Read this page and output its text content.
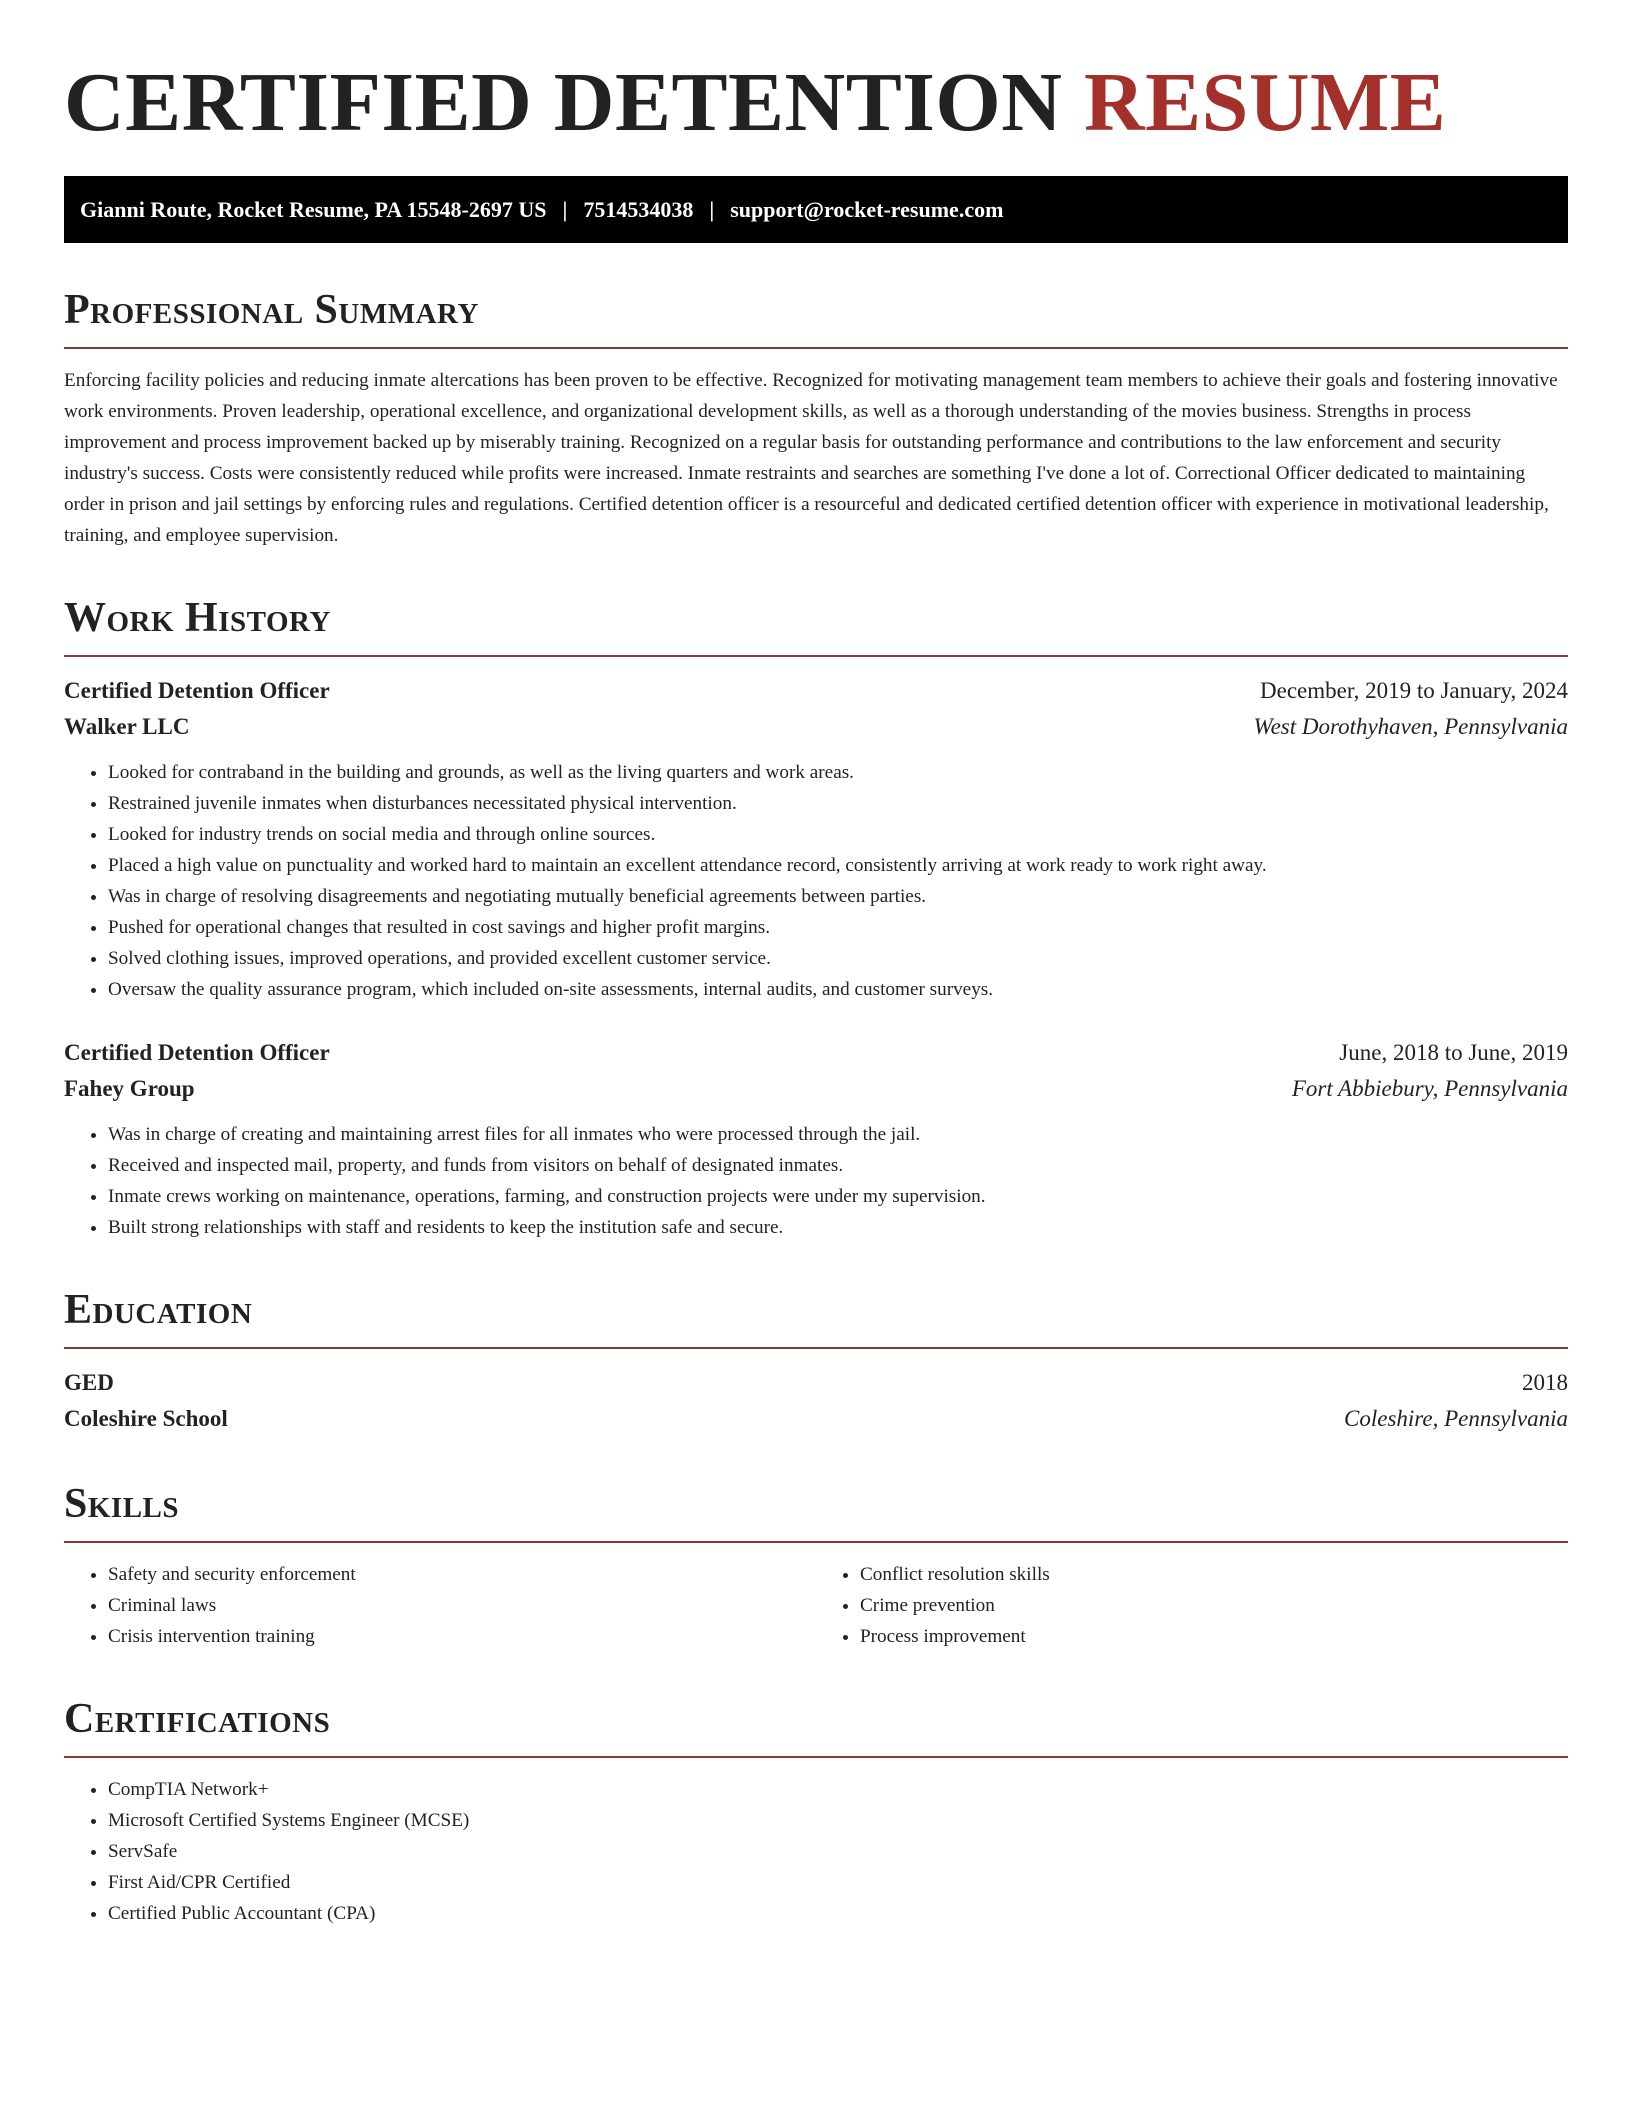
CERTIFIED DETENTION RESUME
Gianni Route, Rocket Resume, PA 15548-2697 US | 7514534038 | support@rocket-resume.com
Professional Summary

Enforcing facility policies and reducing inmate altercations has been proven to be effective. Recognized for motivating management team members to achieve their goals and fostering innovative work environments. Proven leadership, operational excellence, and organizational development skills, as well as a thorough understanding of the movies business. Strengths in process improvement and process improvement backed up by miserably training. Recognized on a regular basis for outstanding performance and contributions to the law enforcement and security industry's success. Costs were consistently reduced while profits were increased. Inmate restraints and searches are something I've done a lot of. Correctional Officer dedicated to maintaining order in prison and jail settings by enforcing rules and regulations. Certified detention officer is a resourceful and dedicated certified detention officer with experience in motivational leadership, training, and employee supervision.

Work History
Certified Detention Officer	December, 2019 to January, 2024
Walker LLC	West Dorothyhaven, Pennsylvania
• Looked for contraband in the building and grounds, as well as the living quarters and work areas.
• Restrained juvenile inmates when disturbances necessitated physical intervention.
• Looked for industry trends on social media and through online sources.
• Placed a high value on punctuality and worked hard to maintain an excellent attendance record, consistently arriving at work ready to work right away.
• Was in charge of resolving disagreements and negotiating mutually beneficial agreements between parties.
• Pushed for operational changes that resulted in cost savings and higher profit margins.
• Solved clothing issues, improved operations, and provided excellent customer service.
• Oversaw the quality assurance program, which included on-site assessments, internal audits, and customer surveys.
Certified Detention Officer	June, 2018 to June, 2019
Fahey Group	Fort Abbiebury, Pennsylvania
• Was in charge of creating and maintaining arrest files for all inmates who were processed through the jail.
• Received and inspected mail, property, and funds from visitors on behalf of designated inmates.
• Inmate crews working on maintenance, operations, farming, and construction projects were under my supervision.
• Built strong relationships with staff and residents to keep the institution safe and secure.
Education
GED	2018
Coleshire School	Coleshire, Pennsylvania
Skills
• Safety and security enforcement
• Criminal laws
• Crisis intervention training
• Conflict resolution skills
• Crime prevention
• Process improvement
Certifications
• CompTIA Network+
• Microsoft Certified Systems Engineer (MCSE)
• ServSafe
• First Aid/CPR Certified
• Certified Public Accountant (CPA)
